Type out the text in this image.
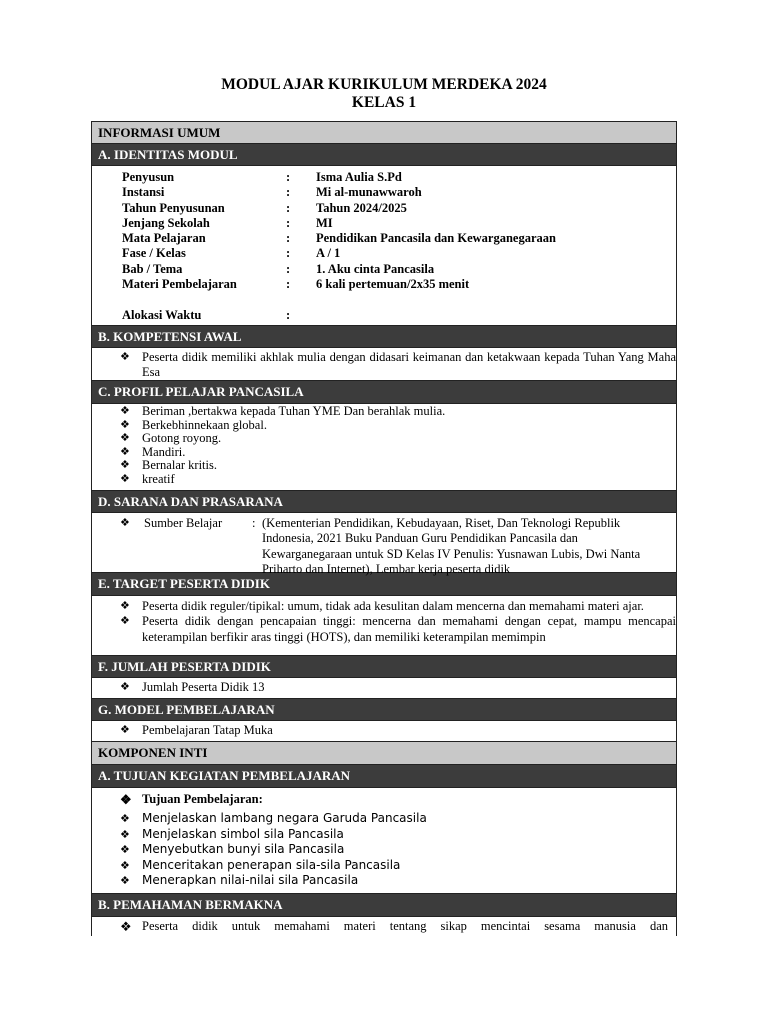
MODUL AJAR KURIKULUM MERDEKA 2024
KELAS 1
INFORMASI UMUM
A. IDENTITAS MODUL
Penyusun	:	Isma Aulia S.Pd
Instansi	:	Mi al-munawwaroh
Tahun Penyusunan	:	Tahun 2024/2025
Jenjang Sekolah	:	MI
Mata Pelajaran	:	Pendidikan Pancasila dan Kewarganegaraan
Fase / Kelas	:	A / 1
Bab / Tema	:	1. Aku cinta Pancasila
Materi Pembelajaran	:	6 kali pertemuan/2x35 menit
Alokasi Waktu	:
B. KOMPETENSI AWAL
❖ Peserta didik memiliki akhlak mulia dengan didasari keimanan dan ketakwaan kepada Tuhan Yang Maha Esa
C. PROFIL PELAJAR PANCASILA
❖ Beriman ,bertakwa kepada Tuhan YME Dan berahlak mulia.
❖ Berkebhinnekaan global.
❖ Gotong royong.
❖ Mandiri.
❖ Bernalar kritis.
❖ kreatif
D. SARANA DAN PRASARANA
❖	Sumber Belajar	: (Kementerian Pendidikan, Kebudayaan, Riset, Dan Teknologi Republik Indonesia, 2021 Buku Panduan Guru Pendidikan Pancasila dan Kewarganegaraan untuk SD Kelas IV Penulis: Yusnawan Lubis, Dwi Nanta Priharto dan Internet), Lembar kerja peserta didik
E. TARGET PESERTA DIDIK
❖ Peserta didik reguler/tipikal: umum, tidak ada kesulitan dalam mencerna dan memahami materi ajar.
❖ Peserta didik dengan pencapaian tinggi: mencerna dan memahami dengan cepat, mampu mencapai keterampilan berfikir aras tinggi (HOTS), dan memiliki keterampilan memimpin
F. JUMLAH PESERTA DIDIK
❖ Jumlah Peserta Didik 13
G. MODEL PEMBELAJARAN
❖ Pembelajaran Tatap Muka
KOMPONEN INTI
A. TUJUAN KEGIATAN PEMBELAJARAN
❖ Tujuan Pembelajaran:
❖ Menjelaskan lambang negara Garuda Pancasila
❖ Menjelaskan simbol sila Pancasila
❖ Menyebutkan bunyi sila Pancasila
❖ Menceritakan penerapan sila-sila Pancasila
❖ Menerapkan nilai-nilai sila Pancasila
B. PEMAHAMAN BERMAKNA
❖ Peserta didik untuk memahami materi tentang sikap mencintai sesama manusia dan
